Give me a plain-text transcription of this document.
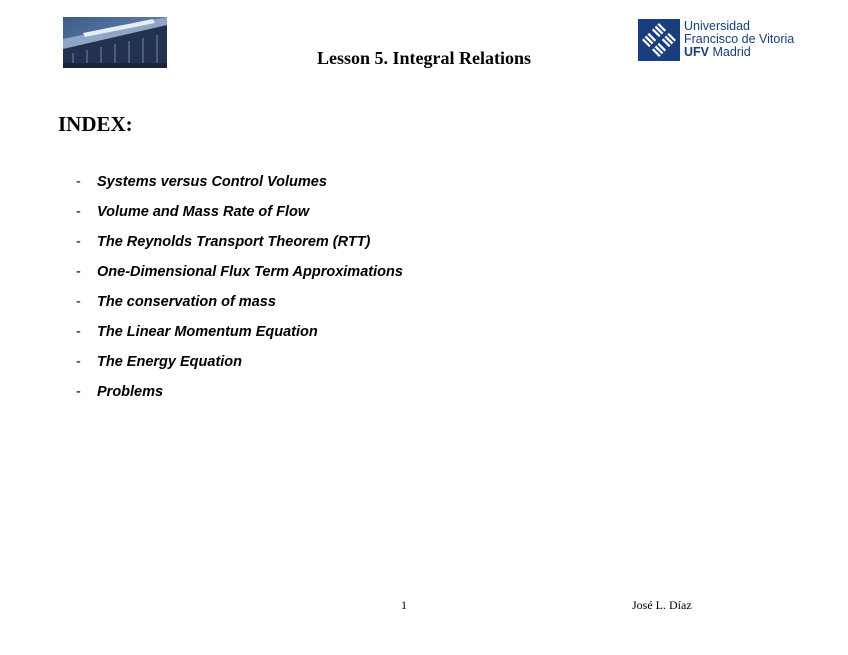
Lesson 5. Integral Relations
Universidad
Francisco de Vitoria
UFV Madrid
INDEX:
- Systems versus Control Volumes
- Volume and Mass Rate of Flow
- The Reynolds Transport Theorem (RTT)
- One-Dimensional Flux Term Approximations
- The conservation of mass
- The Linear Momentum Equation
- The Energy Equation
- Problems
1	José L. Díaz
